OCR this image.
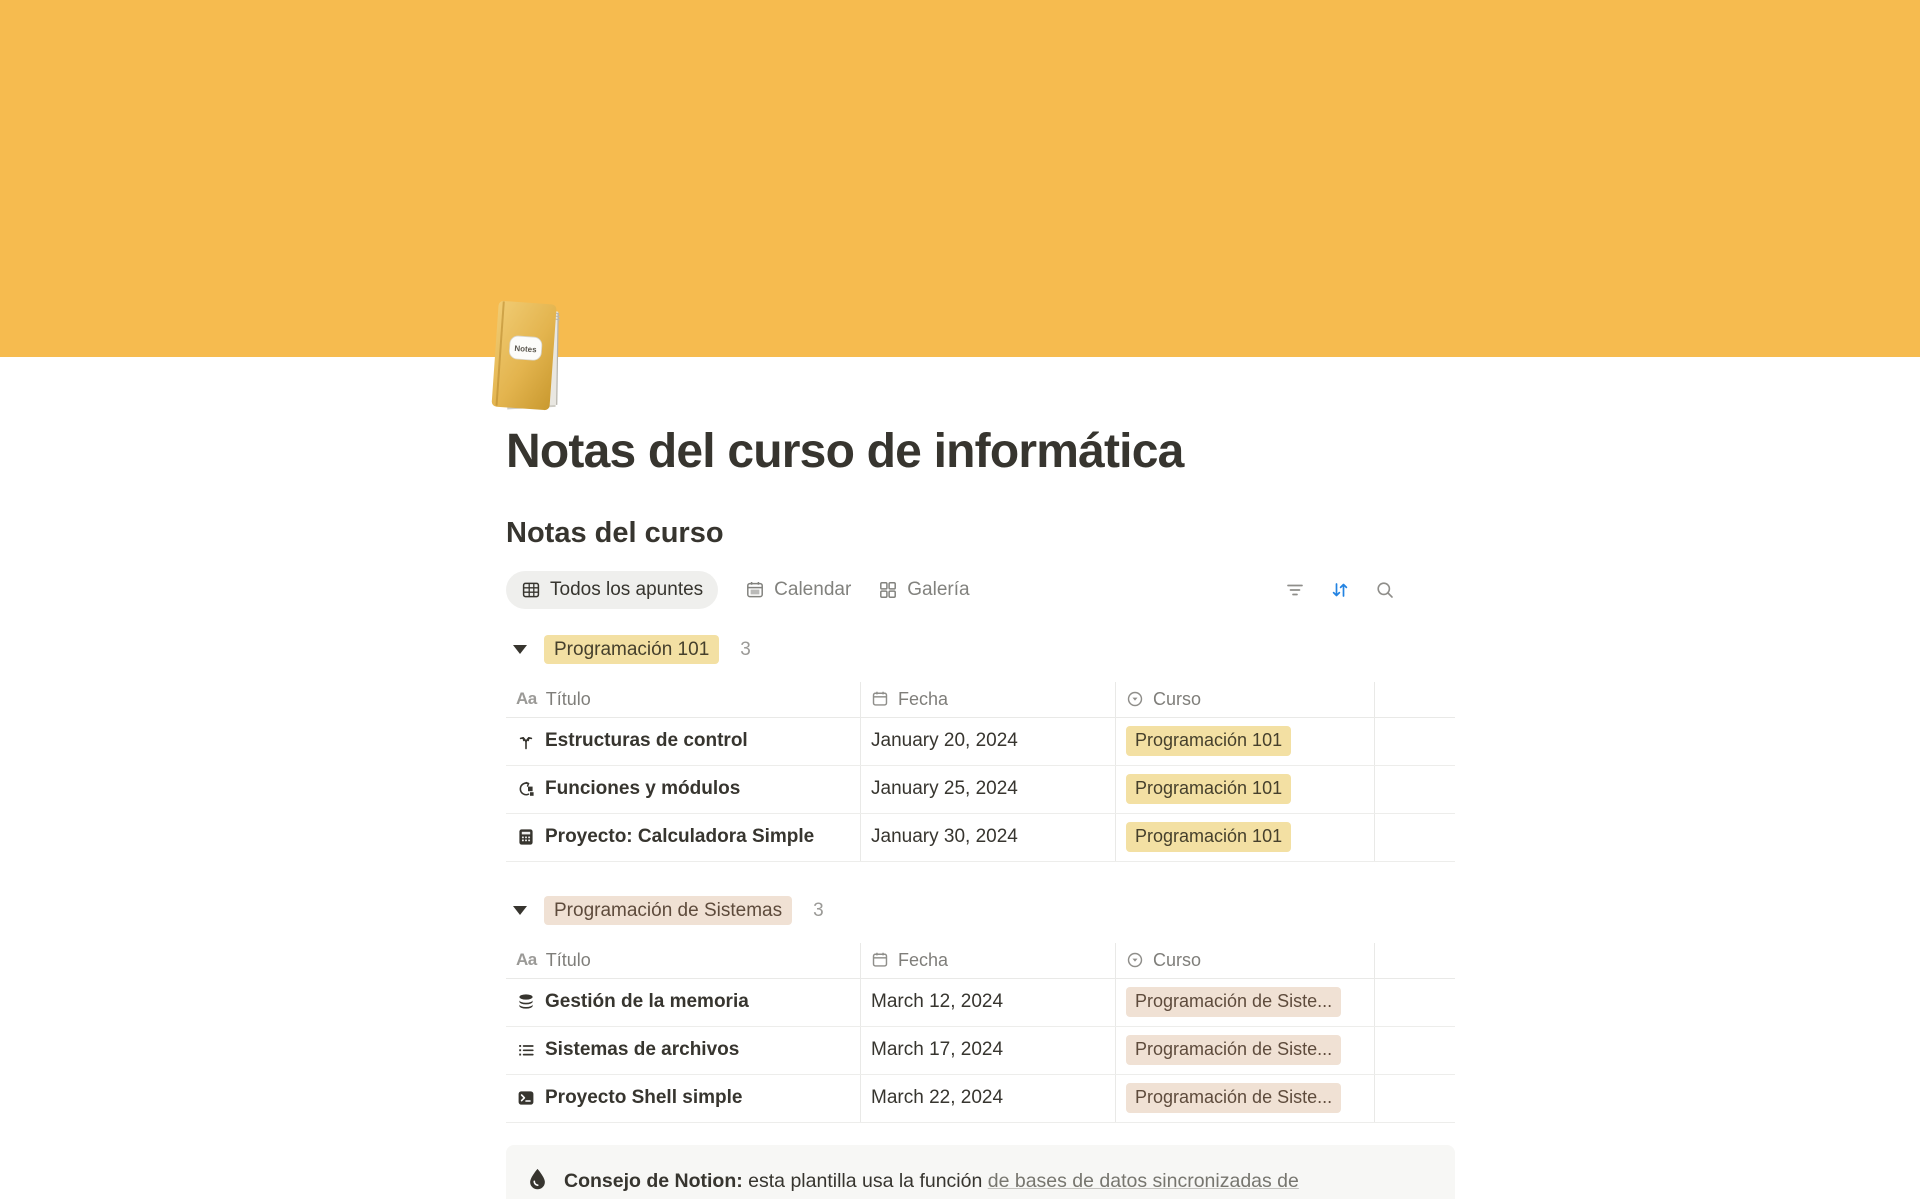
Notes
Notas del curso de informática
Notas del curso
Todos los apuntes	Calendar	Galería
Programación 101	3
Aa Título	Fecha	Curso
Estructuras de control	January 20, 2024	Programación 101
Funciones y módulos	January 25, 2024	Programación 101
Proyecto: Calculadora Simple	January 30, 2024	Programación 101
Programación de Sistemas	3
Aa Título	Fecha	Curso
Gestión de la memoria	March 12, 2024	Programación de Siste...
Sistemas de archivos	March 17, 2024	Programación de Siste...
Proyecto Shell simple	March 22, 2024	Programación de Siste...
Consejo de Notion: esta plantilla usa la función de bases de datos sincronizadas de
